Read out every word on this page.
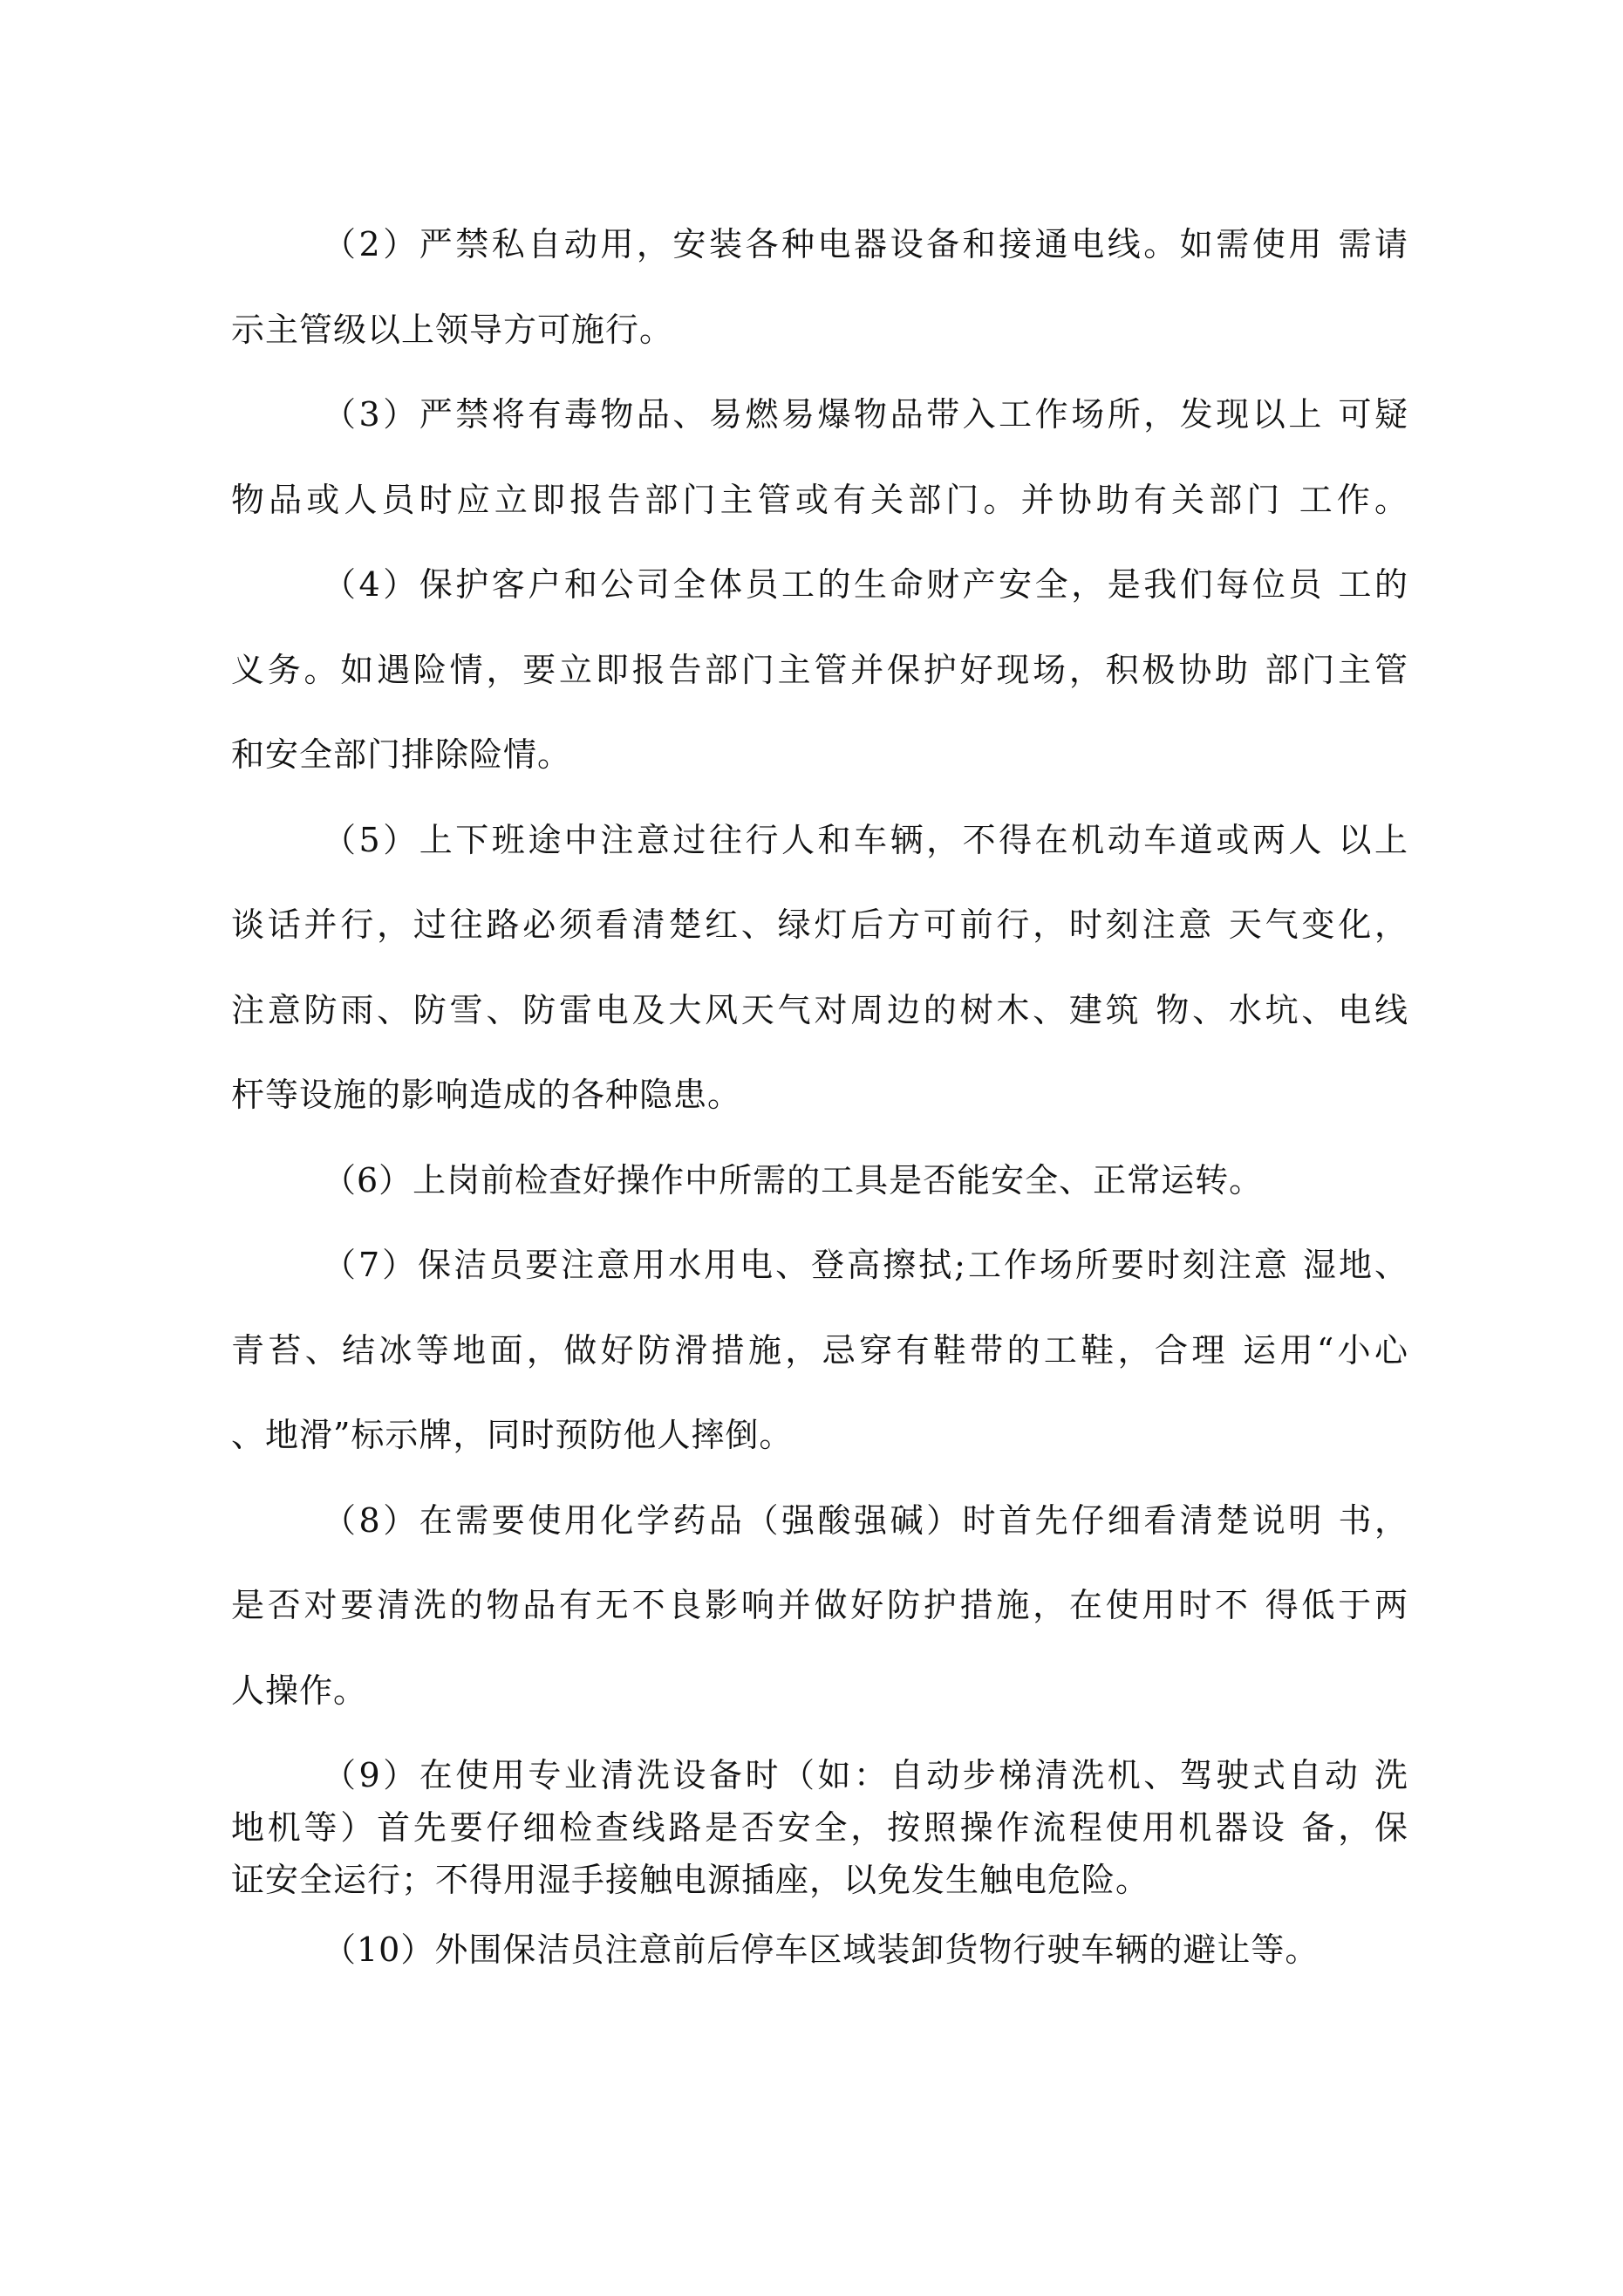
（2）严禁私自动用，安装各种电器设备和接通电线。如需使用 需请
示主管级以上领导方可施行。
（3）严禁将有毒物品、易燃易爆物品带入工作场所，发现以上 可疑
物品或人员时应立即报告部门主管或有关部门。并协助有关部门 工作。
（4）保护客户和公司全体员工的生命财产安全，是我们每位员 工的
义务。如遇险情，要立即报告部门主管并保护好现场，积极协助 部门主管
和安全部门排除险情。
（5）上下班途中注意过往行人和车辆，不得在机动车道或两人 以上
谈话并行，过往路必须看清楚红、绿灯后方可前行，时刻注意 天气变化，
注意防雨、防雪、防雷电及大风天气对周边的树木、建筑 物、水坑、电线
杆等设施的影响造成的各种隐患。
（6）上岗前检查好操作中所需的工具是否能安全、正常运转。
（7）保洁员要注意用水用电、登高擦拭;工作场所要时刻注意 湿地、
青苔、结冰等地面，做好防滑措施，忌穿有鞋带的工鞋，合理 运用“小心
、地滑”标示牌，同时预防他人摔倒。
（8）在需要使用化学药品（强酸强碱）时首先仔细看清楚说明 书，
是否对要清洗的物品有无不良影响并做好防护措施，在使用时不 得低于两
人操作。
（9）在使用专业清洗设备时（如：自动步梯清洗机、驾驶式自动 洗
地机等）首先要仔细检查线路是否安全，按照操作流程使用机器设 备，保
证安全运行；不得用湿手接触电源插座，以免发生触电危险。
（10）外围保洁员注意前后停车区域装卸货物行驶车辆的避让等。
